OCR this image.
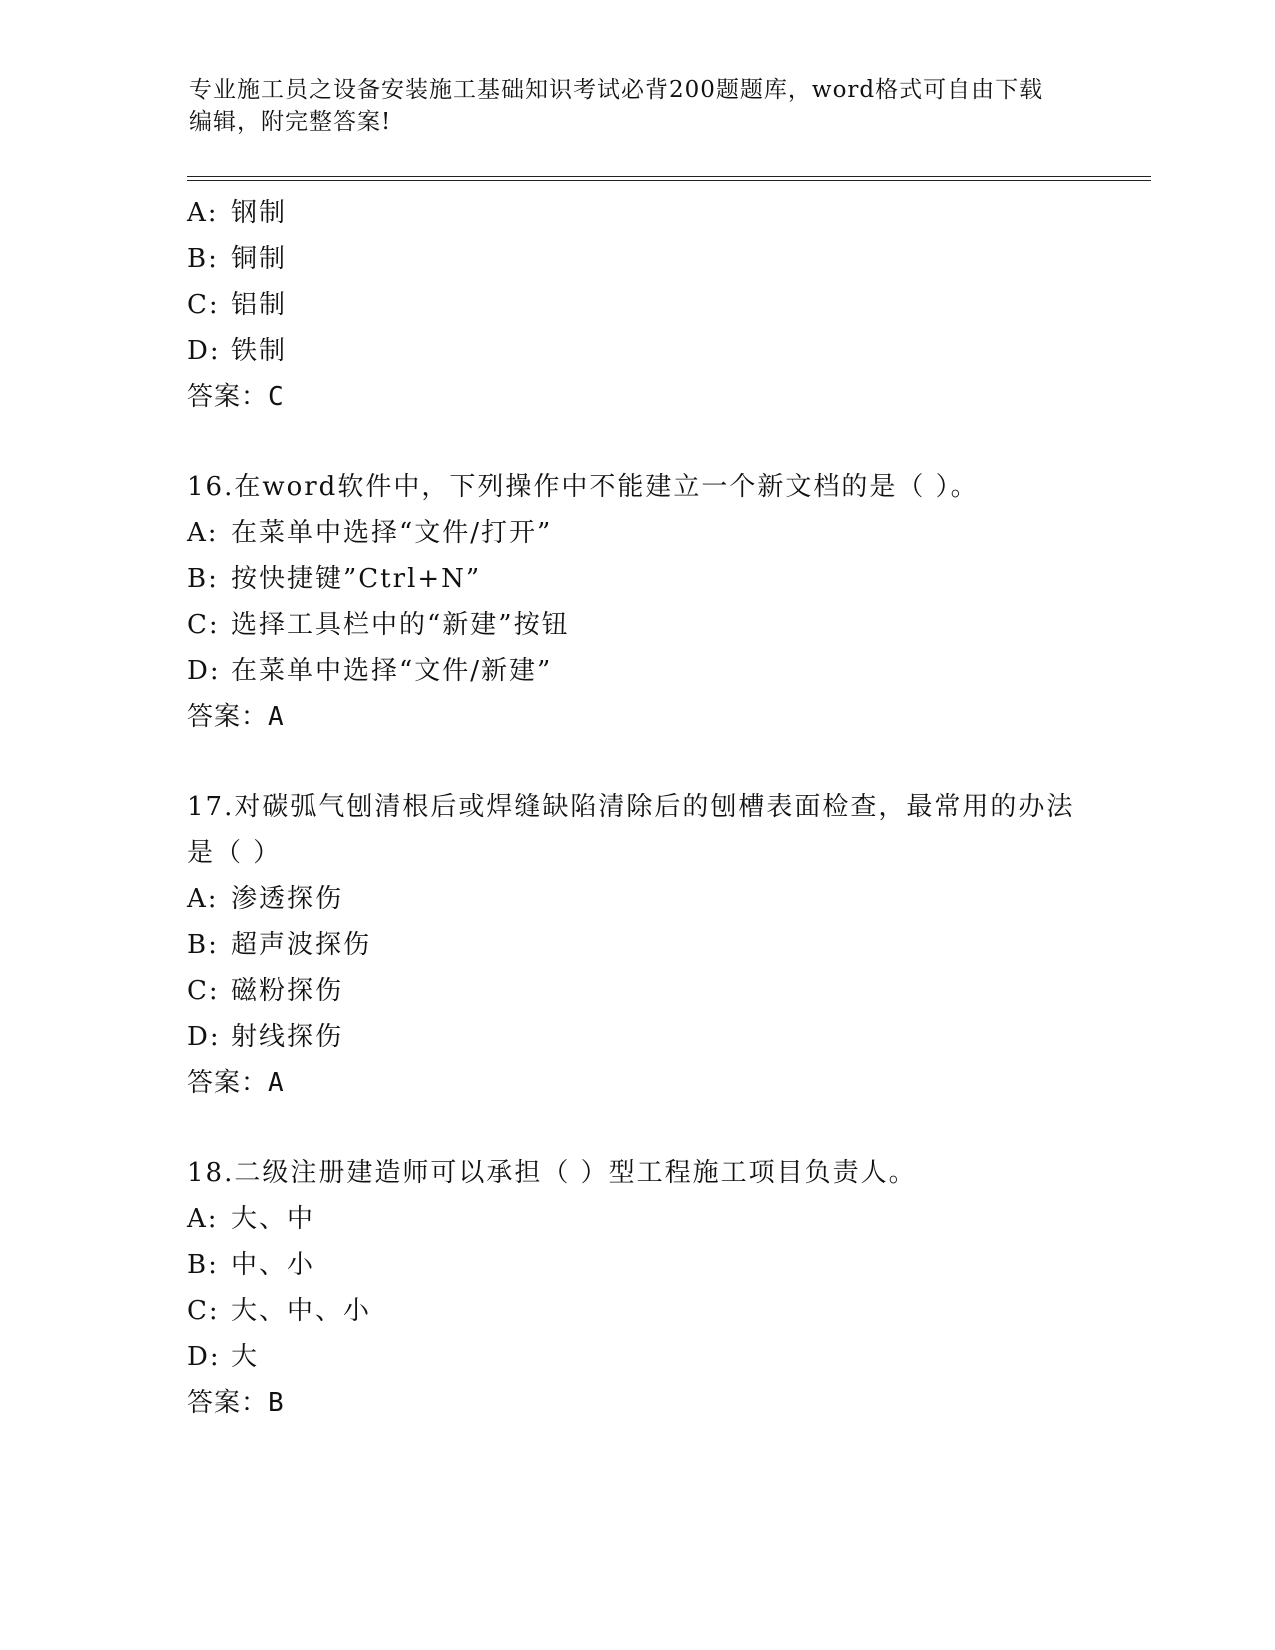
专业施工员之设备安装施工基础知识考试必背200题题库，word格式可自由下载
编辑，附完整答案!
A: 钢制
B: 铜制
C: 铝制
D: 铁制
答案：C
16.在word软件中，下列操作中不能建立一个新文档的是（ ）。
A: 在菜单中选择“文件/打开”
B: 按快捷键”Ctrl+N”
C: 选择工具栏中的“新建”按钮
D: 在菜单中选择“文件/新建”
答案：A
17.对碳弧气刨清根后或焊缝缺陷清除后的刨槽表面检查，最常用的办法是（ ）
A: 渗透探伤
B: 超声波探伤
C: 磁粉探伤
D: 射线探伤
答案：A
18.二级注册建造师可以承担（ ）型工程施工项目负责人。
A: 大、中
B: 中、小
C: 大、中、小
D: 大
答案：B
